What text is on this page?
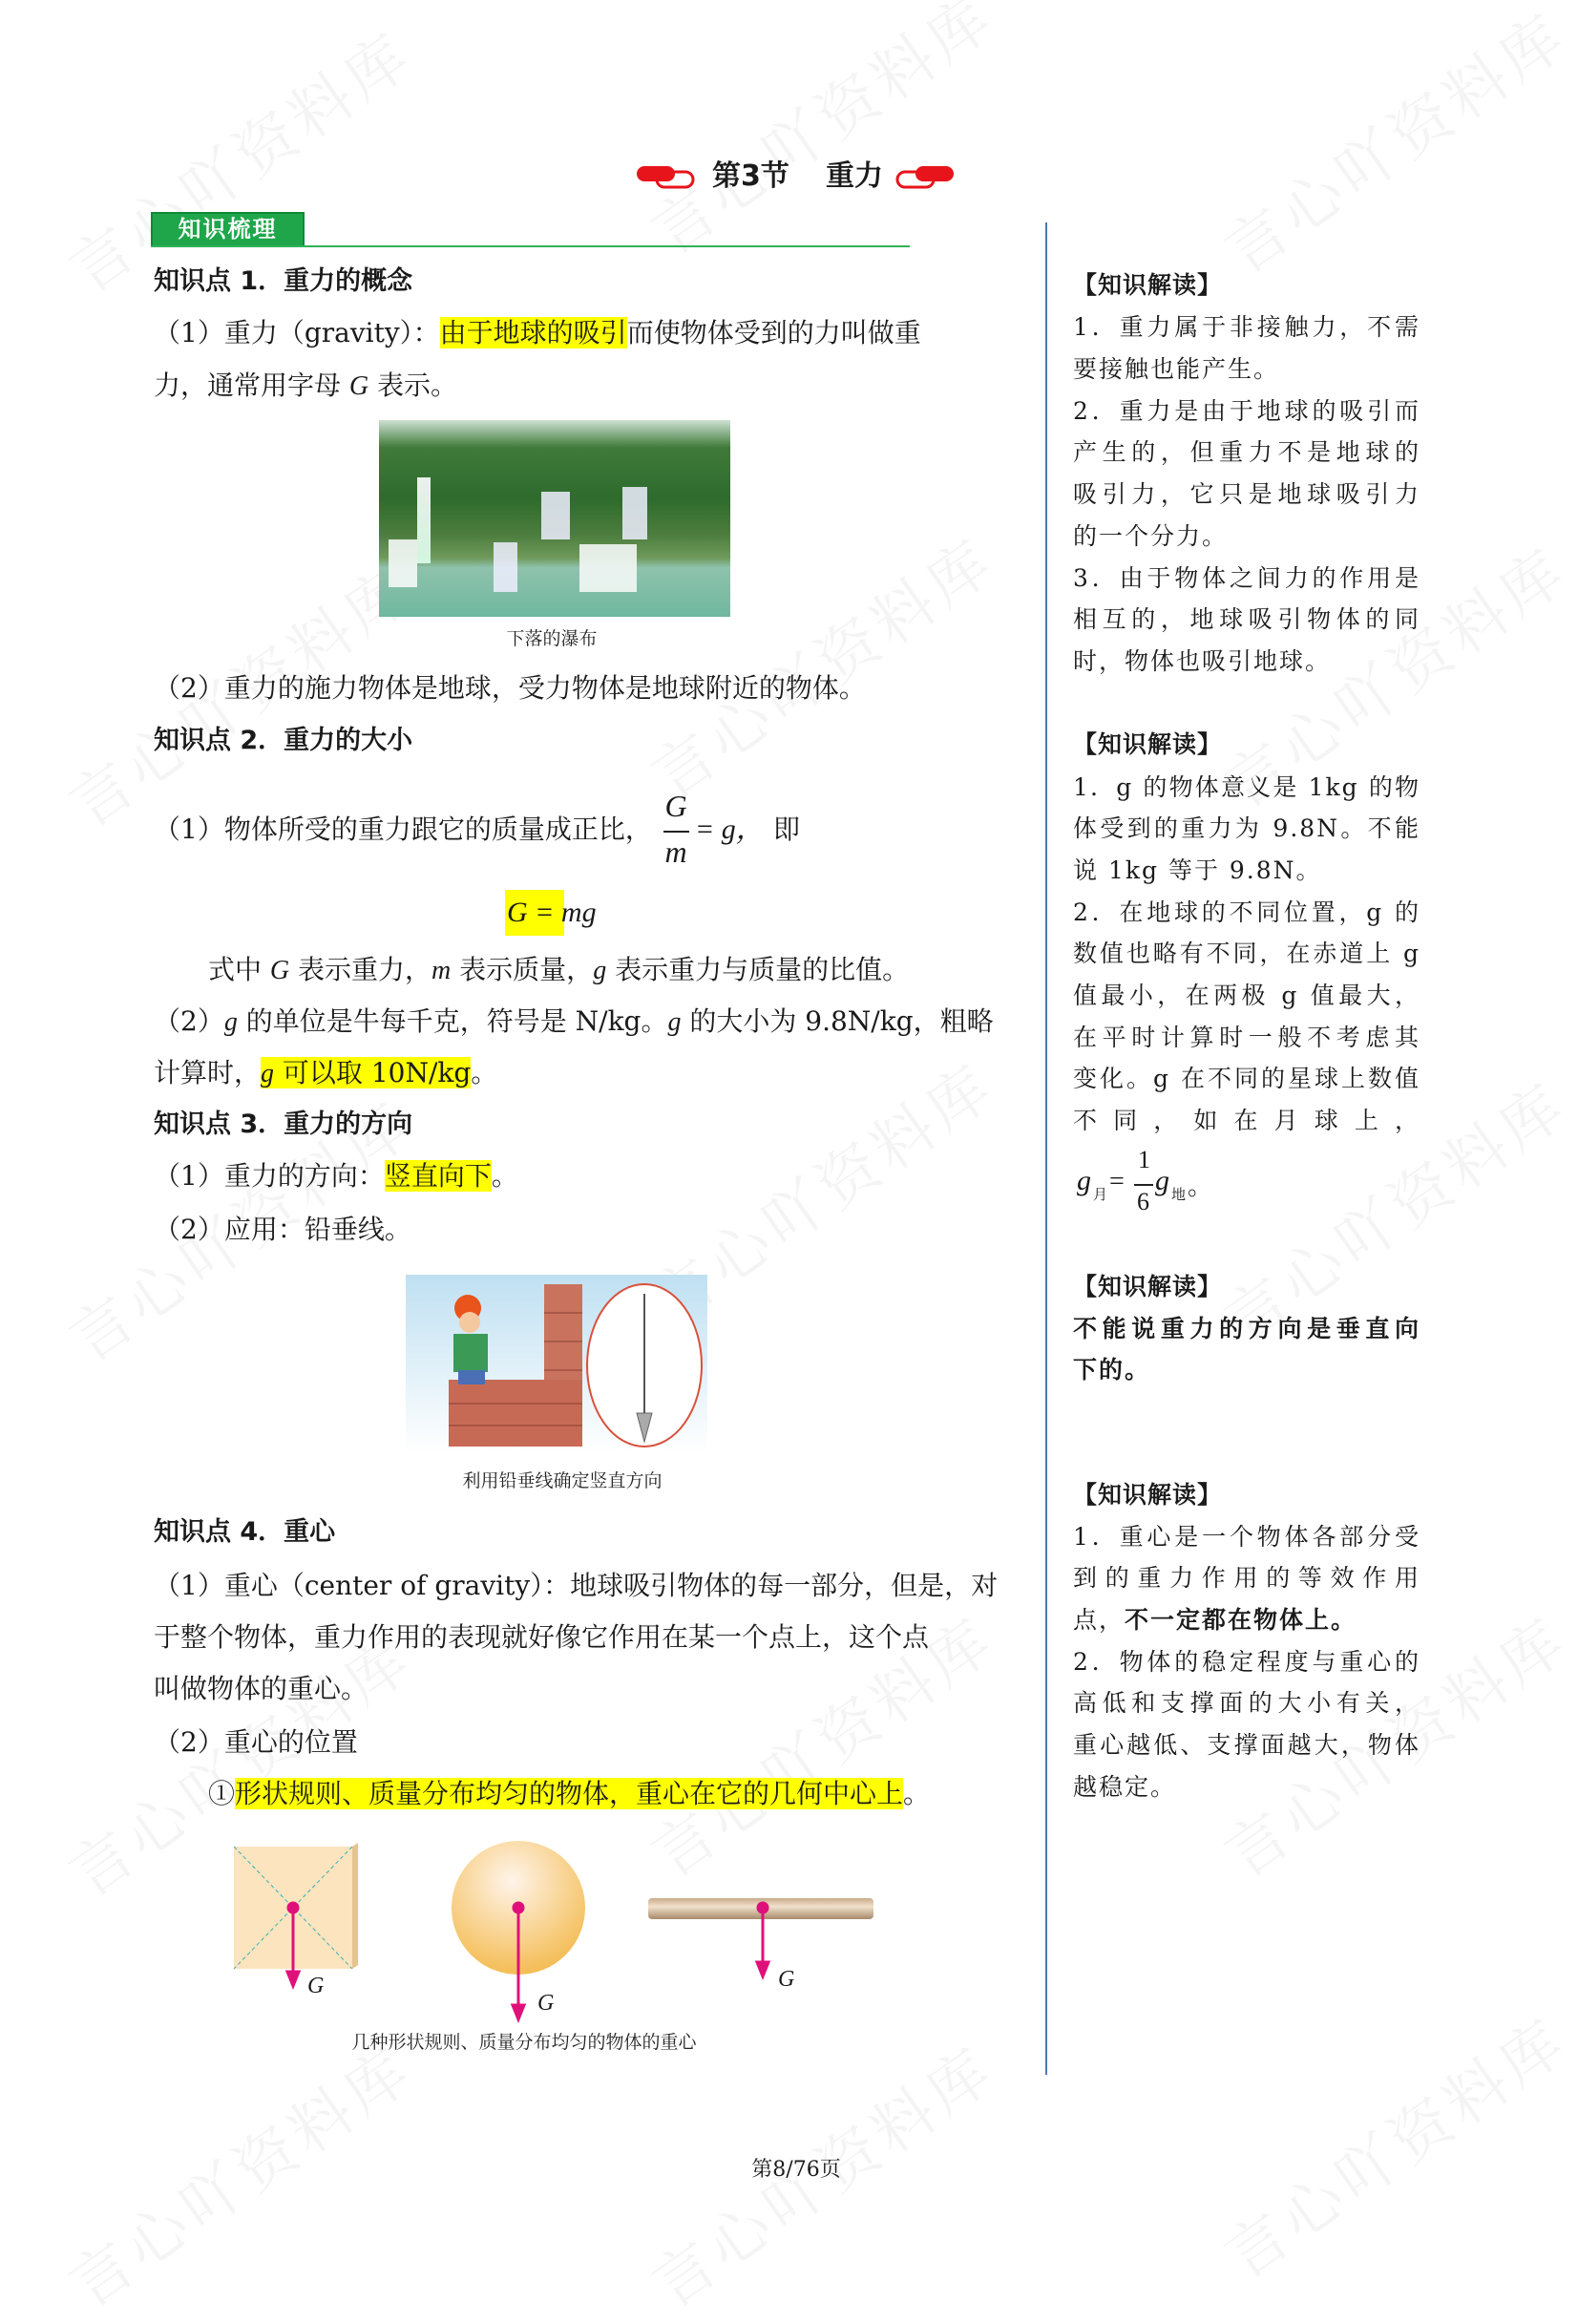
第3节 重力
知识梳理
知识点 1．重力的概念
（1）重力（gravity）：由于地球的吸引而使物体受到的力叫做重
力，通常用字母 G 表示。
下落的瀑布
（2）重力的施力物体是地球，受力物体是地球附近的物体。
知识点 2．重力的大小
（1）物体所受的重力跟它的质量成正比，
G
m
= g， 即
G = mg
式中 G 表示重力，m 表示质量，g 表示重力与质量的比值。
（2）g 的单位是牛每千克，符号是 N/kg。g 的大小为 9.8N/kg，粗略
计算时，g 可以取 10N/kg。
知识点 3．重力的方向
（1）重力的方向：竖直向下。
（2）应用：铅垂线。
利用铅垂线确定竖直方向
知识点 4．重心
（1）重心（center of gravity）：地球吸引物体的每一部分，但是，对
于整个物体，重力作用的表现就好像它作用在某一个点上，这个点
叫做物体的重心。
（2）重心的位置
①形状规则、质量分布均匀的物体，重心在它的几何中心上。
G
G
G
几种形状规则、质量分布均匀的物体的重心
第8/76页
【知识解读】
1．重力属于非接触力，不需
要接触也能产生。
2．重力是由于地球的吸引而
产生的，但重力不是地球的
吸引力，它只是地球吸引力
的一个分力。
3．由于物体之间力的作用是
相互的，地球吸引物体的同
时，物体也吸引地球。
【知识解读】
1．g 的物体意义是 1kg 的物
体受到的重力为 9.8N。不能
说 1kg 等于 9.8N。
2．在地球的不同位置，g 的
数值也略有不同，在赤道上 g
值最小，在两极 g 值最大，
在平时计算时一般不考虑其
变化。g 在不同的星球上数值
不同，如在月球上，
g 月 =
1
6
g 地 。
【知识解读】
不能说重力的方向是垂直向
下的。
【知识解读】
1．重心是一个物体各部分受
到的重力作用的等效作用
点，不一定都在物体上。
2．物体的稳定程度与重心的
高低和支撑面的大小有关，
重心越低、支撑面越大，物体
越稳定。
